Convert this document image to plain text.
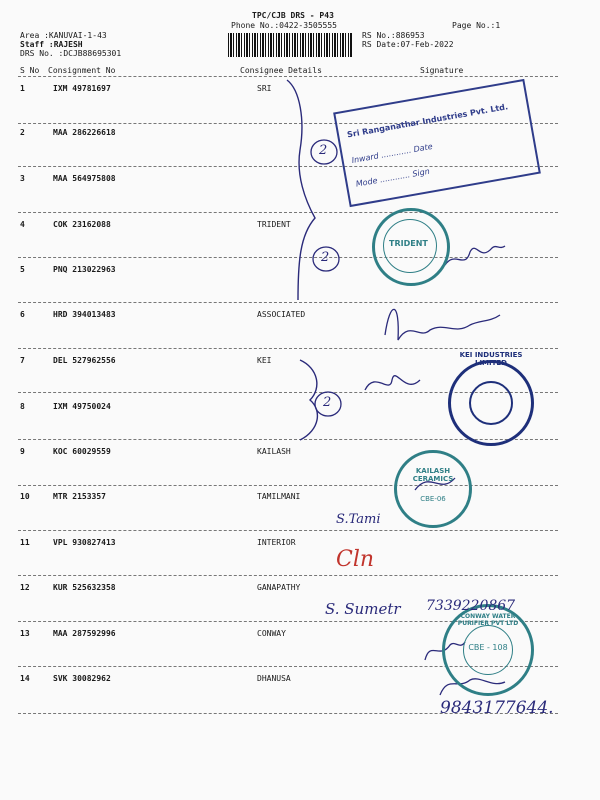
TPC/CJB DRS - P43
Phone No.:0422-3505555	Page No.:1
Area :KANUVAI-1-43
Staff :RAJESH
DRS No. :DCJB88695301
RS No.:886953
RS Date:07-Feb-2022
S No Consignment No	Consignee Details	Signature
1	IXM 49781697	SRI
2	MAA 286226618
3	MAA 564975808
4	COK 23162088	TRIDENT
5	PNQ 213022963
6	HRD 394013483	ASSOCIATED
7	DEL 527962556	KEI
8	IXM 49750024
9	KOC 60029559	KAILASH
10	MTR 2153357	TAMILMANI
11	VPL 930827413	INTERIOR
12	KUR 525632358	GANAPATHY
13	MAA 287592996	CONWAY
14	SVK 30082962	DHANUSA
2
2
2
Sri Ranganathar Industries Pvt. Ltd.
Inward ............ Date
Mode ............ Sign
TRIDENT
KEI INDUSTRIES LIMITED
KAILASH CERAMICS
CBE-06
CONWAY WATER PURIFIER PVT LTD
CBE - 108
S.Tami
Cln
S. Sumetr 7339220867
9843177644.
